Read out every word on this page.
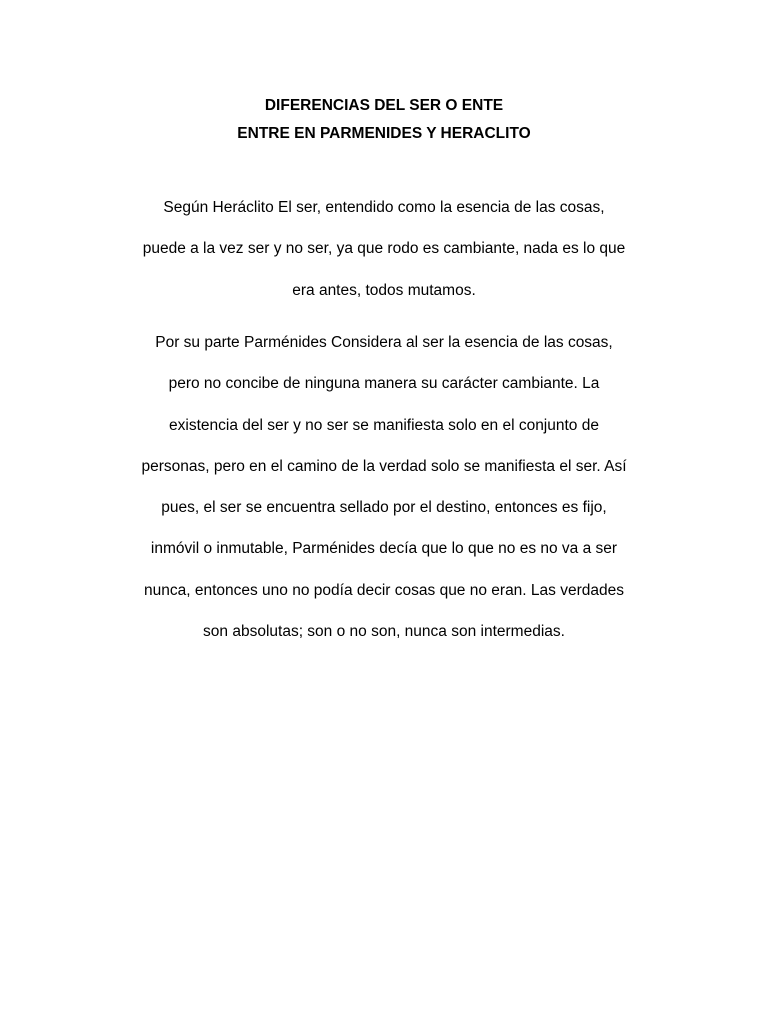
DIFERENCIAS DEL SER O ENTE

ENTRE EN PARMENIDES Y HERACLITO

Según Heráclito El ser, entendido como la esencia de las cosas,
puede a la vez ser y no ser, ya que rodo es cambiante, nada es lo que
era antes, todos mutamos.
Por su parte Parménides Considera al ser la esencia de las cosas,
pero no concibe de ninguna manera su carácter cambiante. La
existencia del ser y no ser se manifiesta solo en el conjunto de
personas, pero en el camino de la verdad solo se manifiesta el ser. Así
pues, el ser se encuentra sellado por el destino, entonces es fijo,
inmóvil o inmutable, Parménides decía que lo que no es no va a ser
nunca, entonces uno no podía decir cosas que no eran. Las verdades
son absolutas; son o no son, nunca son intermedias.
